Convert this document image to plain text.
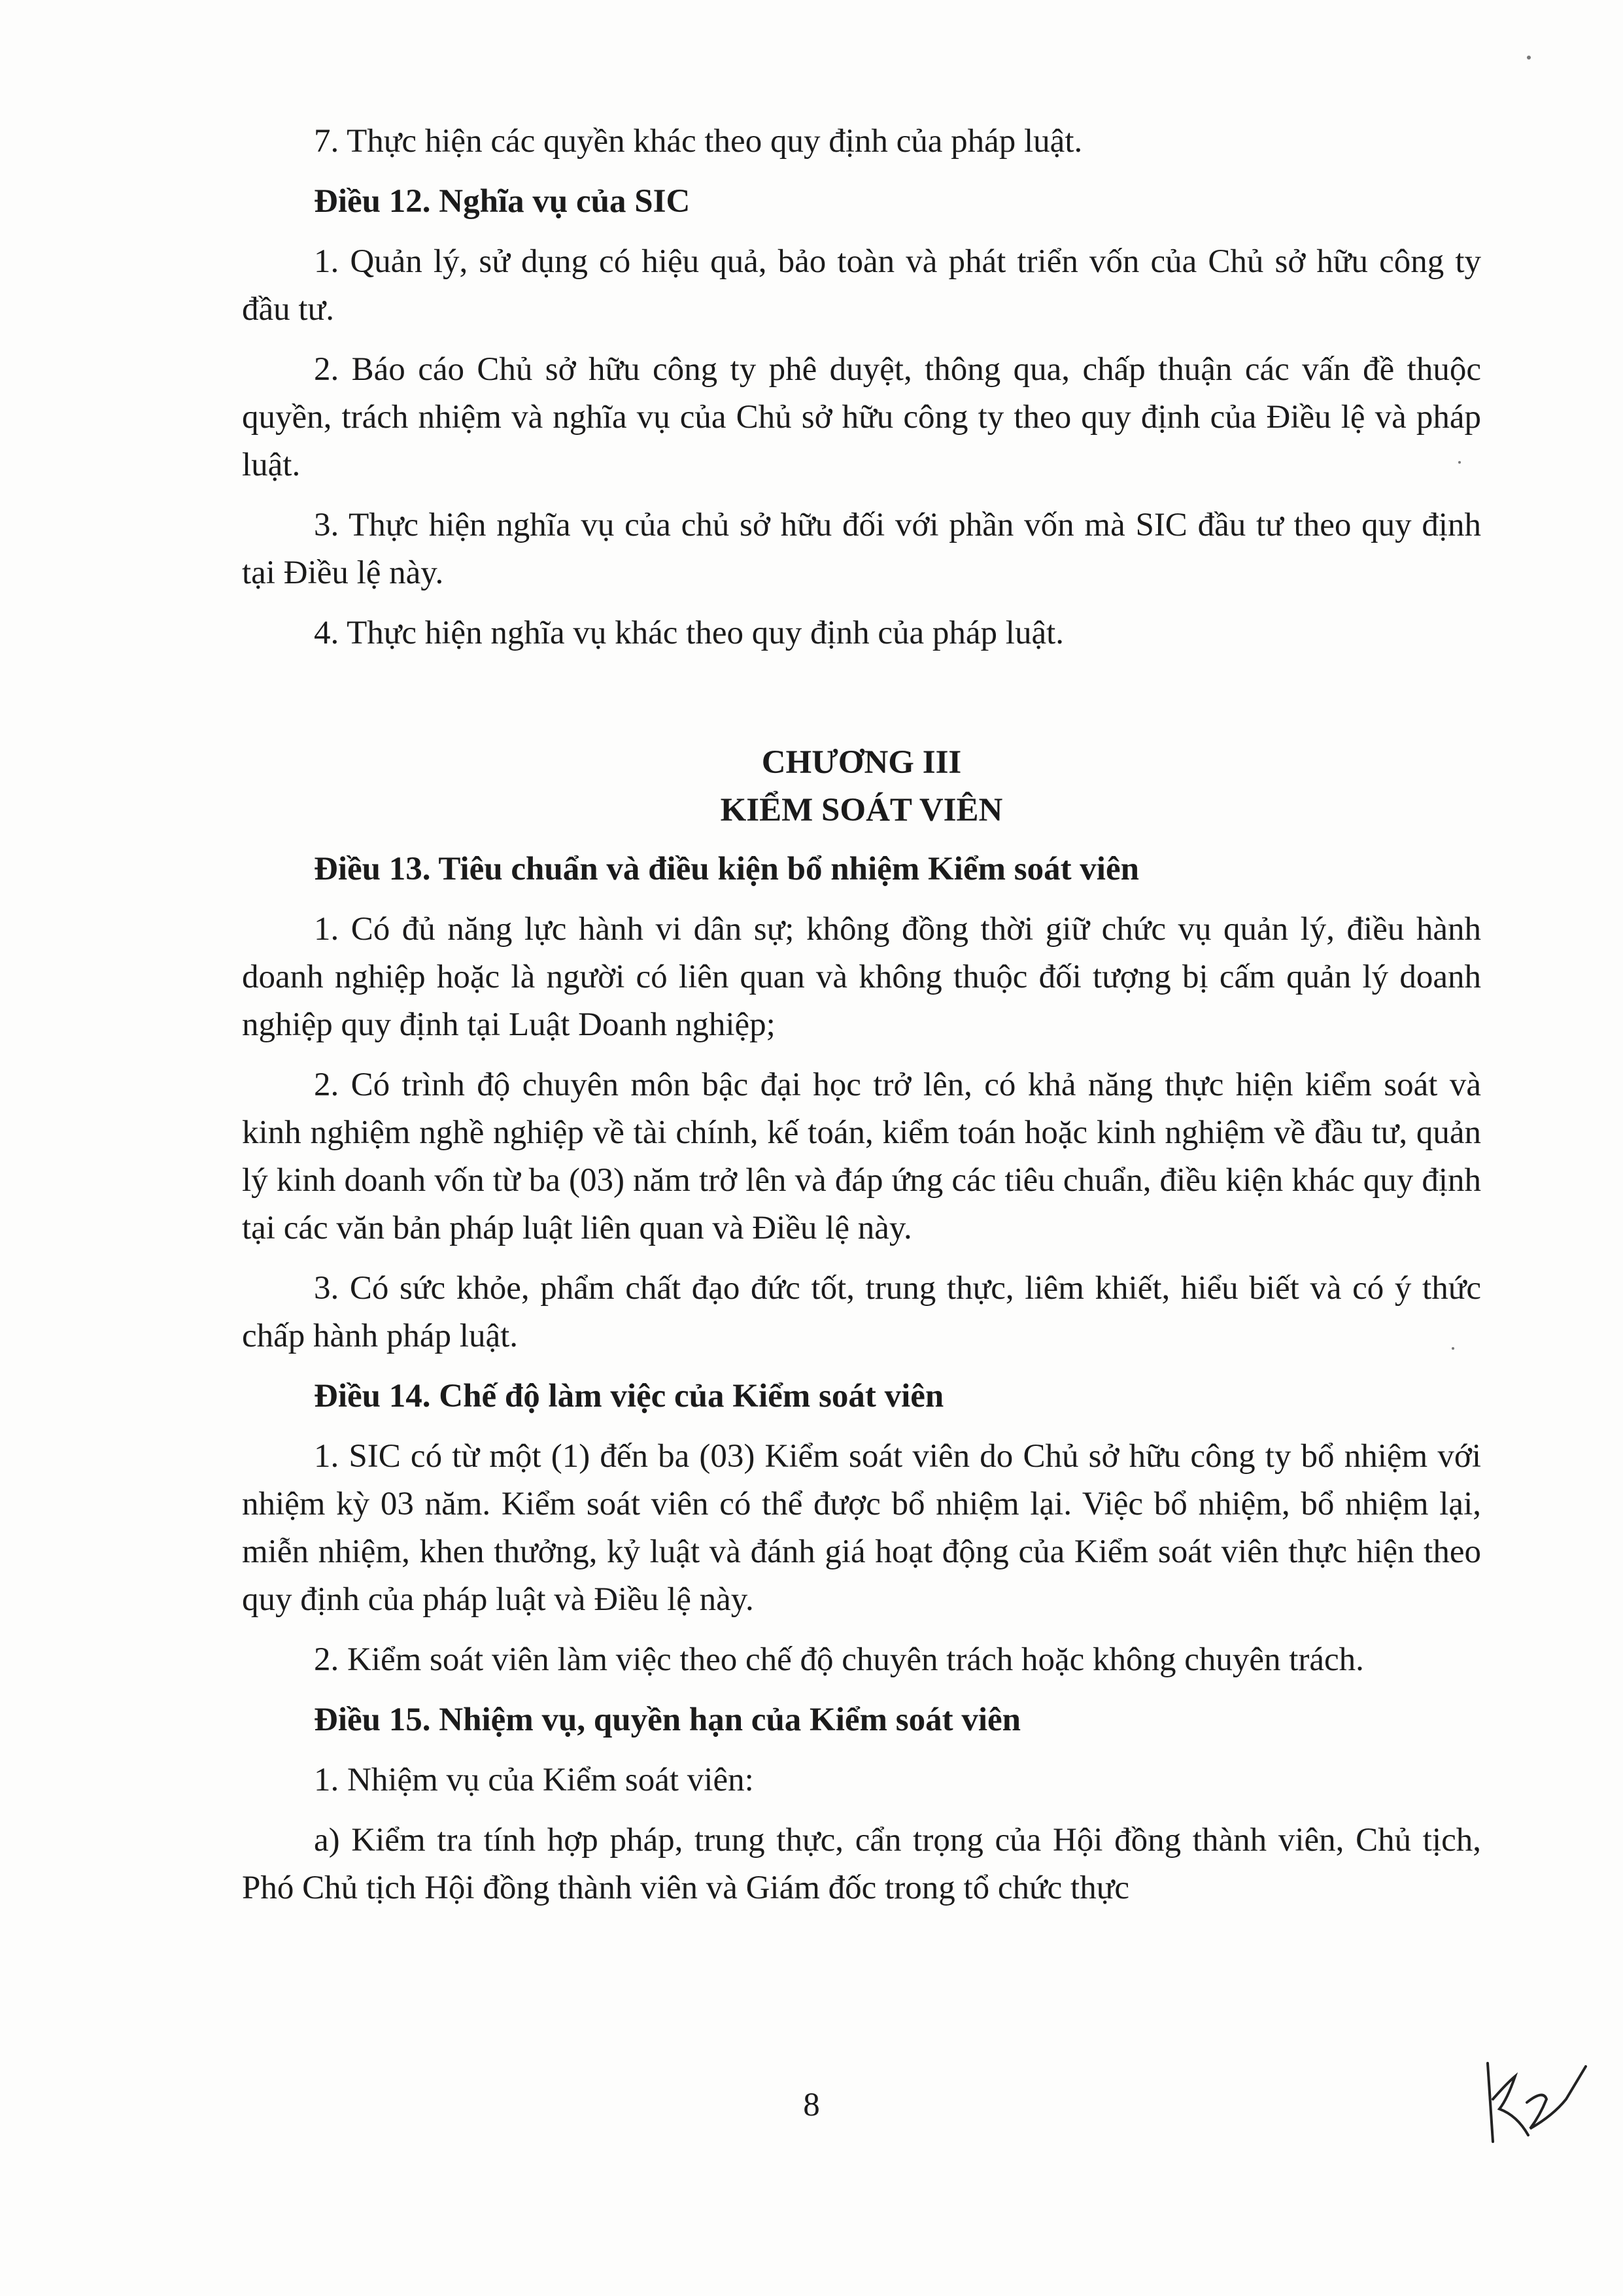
7. Thực hiện các quyền khác theo quy định của pháp luật.

Điều 12. Nghĩa vụ của SIC

1. Quản lý, sử dụng có hiệu quả, bảo toàn và phát triển vốn của Chủ sở hữu công ty đầu tư.

2. Báo cáo Chủ sở hữu công ty phê duyệt, thông qua, chấp thuận các vấn đề thuộc quyền, trách nhiệm và nghĩa vụ của Chủ sở hữu công ty theo quy định của Điều lệ và pháp luật.

3. Thực hiện nghĩa vụ của chủ sở hữu đối với phần vốn mà SIC đầu tư theo quy định tại Điều lệ này.

4. Thực hiện nghĩa vụ khác theo quy định của pháp luật.

CHƯƠNG III
KIỂM SOÁT VIÊN

Điều 13. Tiêu chuẩn và điều kiện bổ nhiệm Kiểm soát viên

1. Có đủ năng lực hành vi dân sự; không đồng thời giữ chức vụ quản lý, điều hành doanh nghiệp hoặc là người có liên quan và không thuộc đối tượng bị cấm quản lý doanh nghiệp quy định tại Luật Doanh nghiệp;

2. Có trình độ chuyên môn bậc đại học trở lên, có khả năng thực hiện kiểm soát và kinh nghiệm nghề nghiệp về tài chính, kế toán, kiểm toán hoặc kinh nghiệm về đầu tư, quản lý kinh doanh vốn từ ba (03) năm trở lên và đáp ứng các tiêu chuẩn, điều kiện khác quy định tại các văn bản pháp luật liên quan và Điều lệ này.

3. Có sức khỏe, phẩm chất đạo đức tốt, trung thực, liêm khiết, hiểu biết và có ý thức chấp hành pháp luật.

Điều 14. Chế độ làm việc của Kiểm soát viên

1. SIC có từ một (1) đến ba (03) Kiểm soát viên do Chủ sở hữu công ty bổ nhiệm với nhiệm kỳ 03 năm. Kiểm soát viên có thể được bổ nhiệm lại. Việc bổ nhiệm, bổ nhiệm lại, miễn nhiệm, khen thưởng, kỷ luật và đánh giá hoạt động của Kiểm soát viên thực hiện theo quy định của pháp luật và Điều lệ này.

2. Kiểm soát viên làm việc theo chế độ chuyên trách hoặc không chuyên trách.

Điều 15. Nhiệm vụ, quyền hạn của Kiểm soát viên

1. Nhiệm vụ của Kiểm soát viên:

a) Kiểm tra tính hợp pháp, trung thực, cẩn trọng của Hội đồng thành viên, Chủ tịch, Phó Chủ tịch Hội đồng thành viên và Giám đốc trong tổ chức thực

8
